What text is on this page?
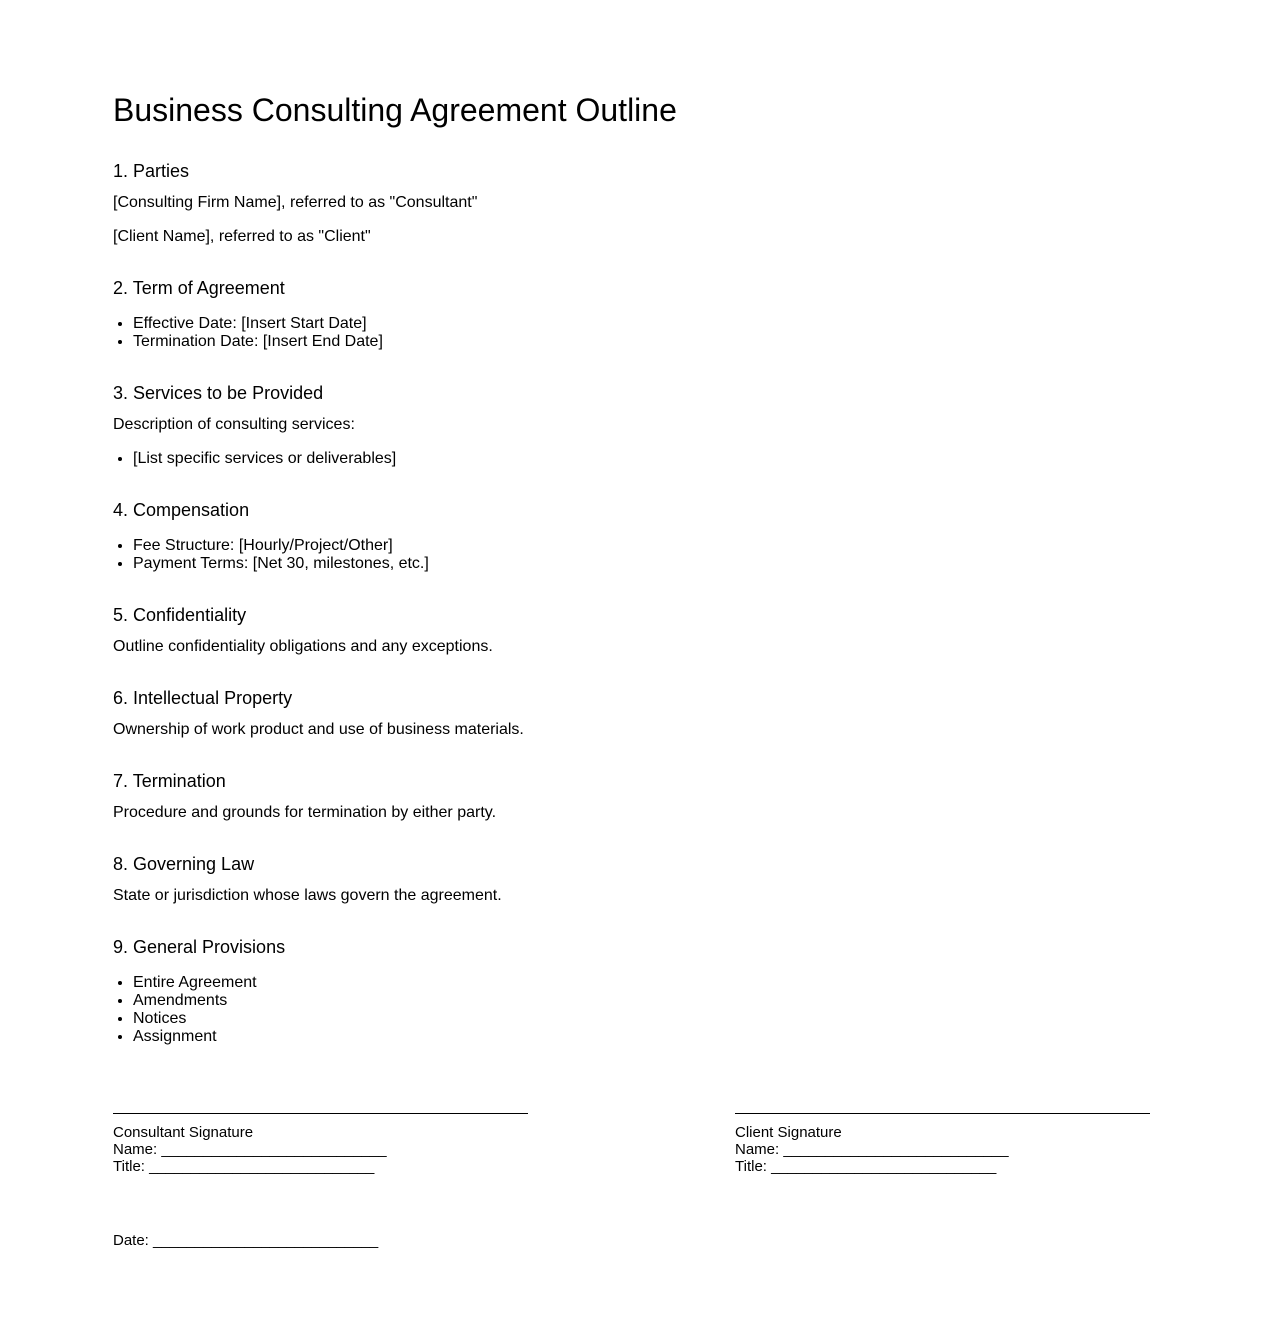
Business Consulting Agreement Outline
1. Parties

[Consulting Firm Name], referred to as "Consultant"

[Client Name], referred to as "Client"

2. Term of Agreement
• Effective Date: [Insert Start Date]
• Termination Date: [Insert End Date]
3. Services to be Provided

Description of consulting services:

• [List specific services or deliverables]
4. Compensation
• Fee Structure: [Hourly/Project/Other]
• Payment Terms: [Net 30, milestones, etc.]
5. Confidentiality

Outline confidentiality obligations and any exceptions.

6. Intellectual Property

Ownership of work product and use of business materials.

7. Termination

Procedure and grounds for termination by either party.

8. Governing Law

State or jurisdiction whose laws govern the agreement.

9. General Provisions
• Entire Agreement
• Amendments
• Notices
• Assignment
Consultant Signature
Name: ___________________________
Title: ___________________________
Client Signature
Name: ___________________________
Title: ___________________________
Date: ___________________________
